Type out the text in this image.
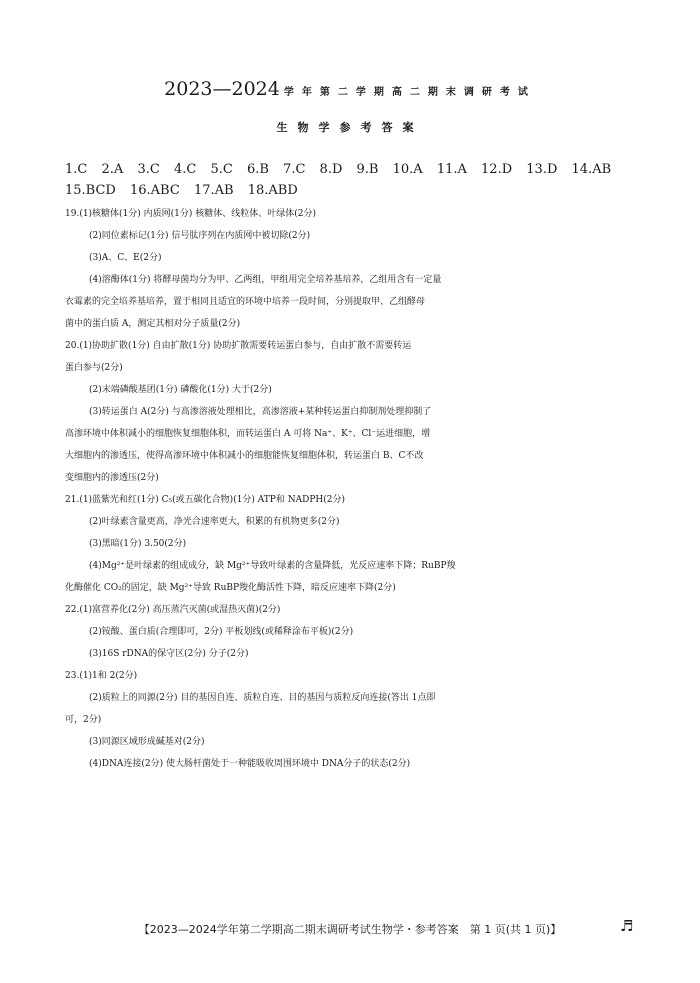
2023—2024 学年第二学期高二期末调研考试
生物学参考答案
1.C 2.A 3.C 4.C 5.C 6.B 7.C 8.D 9.B 10.A 11.A 12.D 13.D 14.AB
15.BCD 16.ABC 17.AB 18.ABD
19.(1)核糖体(1分) 内质网(1分) 核糖体、线粒体、叶绿体(2分)
(2)同位素标记(1分) 信号肽序列在内质网中被切除(2分)
(3)A、C、E(2分)
(4)溶酶体(1分) 将酵母菌均分为甲、乙两组，甲组用完全培养基培养，乙组用含有一定量
衣霉素的完全培养基培养，置于相同且适宜的环境中培养一段时间，分别提取甲、乙组酵母
菌中的蛋白质 A，测定其相对分子质量(2分)
20.(1)协助扩散(1分) 自由扩散(1分) 协助扩散需要转运蛋白参与，自由扩散不需要转运
蛋白参与(2分)
(2)末端磷酸基团(1分) 磷酸化(1分) 大于(2分)
(3)转运蛋白 A(2分) 与高渗溶液处理相比，高渗溶液+某种转运蛋白抑制剂处理抑制了
高渗环境中体积减小的细胞恢复细胞体积，而转运蛋白 A 可将 Na⁺、K⁺、Cl⁻运进细胞，增
大细胞内的渗透压，使得高渗环境中体积减小的细胞能恢复细胞体积，转运蛋白 B、C不改
变细胞内的渗透压(2分)
21.(1)蓝紫光和红(1分) C₅(或五碳化合物)(1分) ATP和 NADPH(2分)
(2)叶绿素含量更高，净光合速率更大，积累的有机物更多(2分)
(3)黑暗(1分) 3.50(2分)
(4)Mg²⁺是叶绿素的组成成分，缺 Mg²⁺导致叶绿素的含量降低，光反应速率下降；RuBP羧
化酶催化 CO₂的固定，缺 Mg²⁺导致 RuBP羧化酶活性下降，暗反应速率下降(2分)
22.(1)富营养化(2分) 高压蒸汽灭菌(或湿热灭菌)(2分)
(2)铵酸、蛋白质(合理即可，2分) 平板划线(或稀释涂布平板)(2分)
(3)16S rDNA的保守区(2分) 分子(2分)
23.(1)1和 2(2分)
(2)质粒上的同源(2分) 目的基因自连、质粒自连、目的基因与质粒反向连接(答出 1点即
可，2分)
(3)同源区域形成碱基对(2分)
(4)DNA连接(2分) 使大肠杆菌处于一种能吸收周围环境中 DNA分子的状态(2分)
【2023—2024学年第二学期高二期末调研考试生物学・参考答案　第 1 页(共 1 页)】	♬
